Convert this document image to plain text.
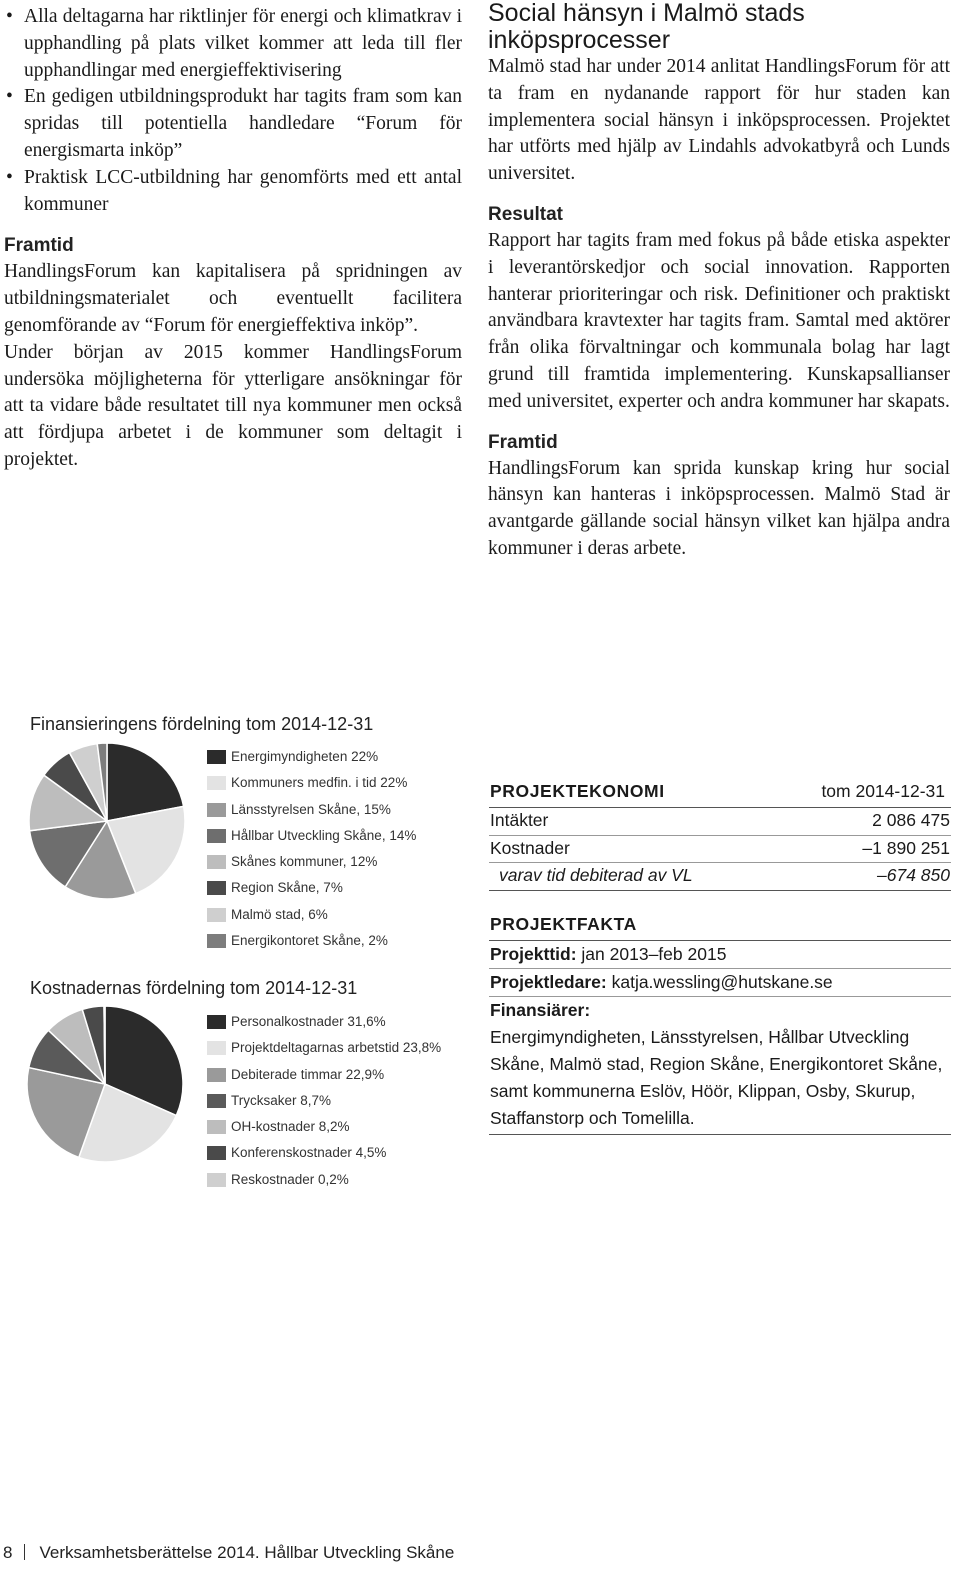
• Alla deltagarna har riktlinjer för energi och klimatkrav i upphandling på plats vilket kommer att leda till fler upphandlingar med energieffektivisering
• En gedigen utbildningsprodukt har tagits fram som kan spridas till potentiella handledare “Forum för energismarta inköp”
• Praktisk LCC-utbildning har genomförts med ett antal kommuner
Framtid

HandlingsForum kan kapitalisera på spridningen av utbildningsmaterialet och eventuellt facilitera genomförande av “Forum för energieffektiva inköp”.

Under början av 2015 kommer HandlingsForum undersöka möjligheterna för ytterligare ansökningar för att ta vidare både resultatet till nya kommuner men också att fördjupa arbetet i de kommuner som deltagit i projektet.

Social hänsyn i Malmö stads inköpsprocesser

Malmö stad har under 2014 anlitat HandlingsForum för att ta fram en nydanande rapport för hur staden kan implementera social hänsyn i inköpsprocessen. Projektet har utförts med hjälp av Lindahls advokatbyrå och Lunds universitet.

Resultat

Rapport har tagits fram med fokus på både etiska aspekter i leverantörskedjor och social innovation. Rapporten hanterar prioriteringar och risk. Definitioner och praktiskt användbara kravtexter har tagits fram. Samtal med aktörer från olika förvaltningar och kommunala bolag har lagt grund till framtida implementering. Kunskapsallianser med universitet, experter och andra kommuner har skapats.

Framtid

HandlingsForum kan sprida kunskap kring hur social hänsyn kan hanteras i inköpsprocessen. Malmö Stad är avantgarde gällande social hänsyn vilket kan hjälpa andra kommuner i deras arbete.

Finansieringens fördelning tom 2014-12-31
Energimyndigheten 22%
Kommuners medfin. i tid 22%
Länsstyrelsen Skåne, 15%
Hållbar Utveckling Skåne, 14%
Skånes kommuner, 12%
Region Skåne, 7%
Malmö stad, 6%
Energikontoret Skåne, 2%
Kostnadernas fördelning tom 2014-12-31
Personalkostnader 31,6%
Projektdeltagarnas arbetstid 23,8%
Debiterade timmar 22,9%
Trycksaker 8,7%
OH-kostnader 8,2%
Konferenskostnader 4,5%
Reskostnader 0,2%
PROJEKTEKONOMI	tom 2014-12-31
Intäkter	2 086 475
Kostnader	–1 890 251
varav tid debiterad av VL	–674 850
PROJEKTFAKTA
Projekttid: jan 2013–feb 2015
Projektledare: katja.wessling@hutskane.se
Finansiärer:
Energimyndigheten, Länsstyrelsen, Hållbar Utveckling Skåne, Malmö stad, Region Skåne, Energikontoret Skåne, samt kommunerna Eslöv, Höör, Klippan, Osby, Skurup, Staffanstorp och Tomelilla.
8 Verksamhetsberättelse 2014. Hållbar Utveckling Skåne
